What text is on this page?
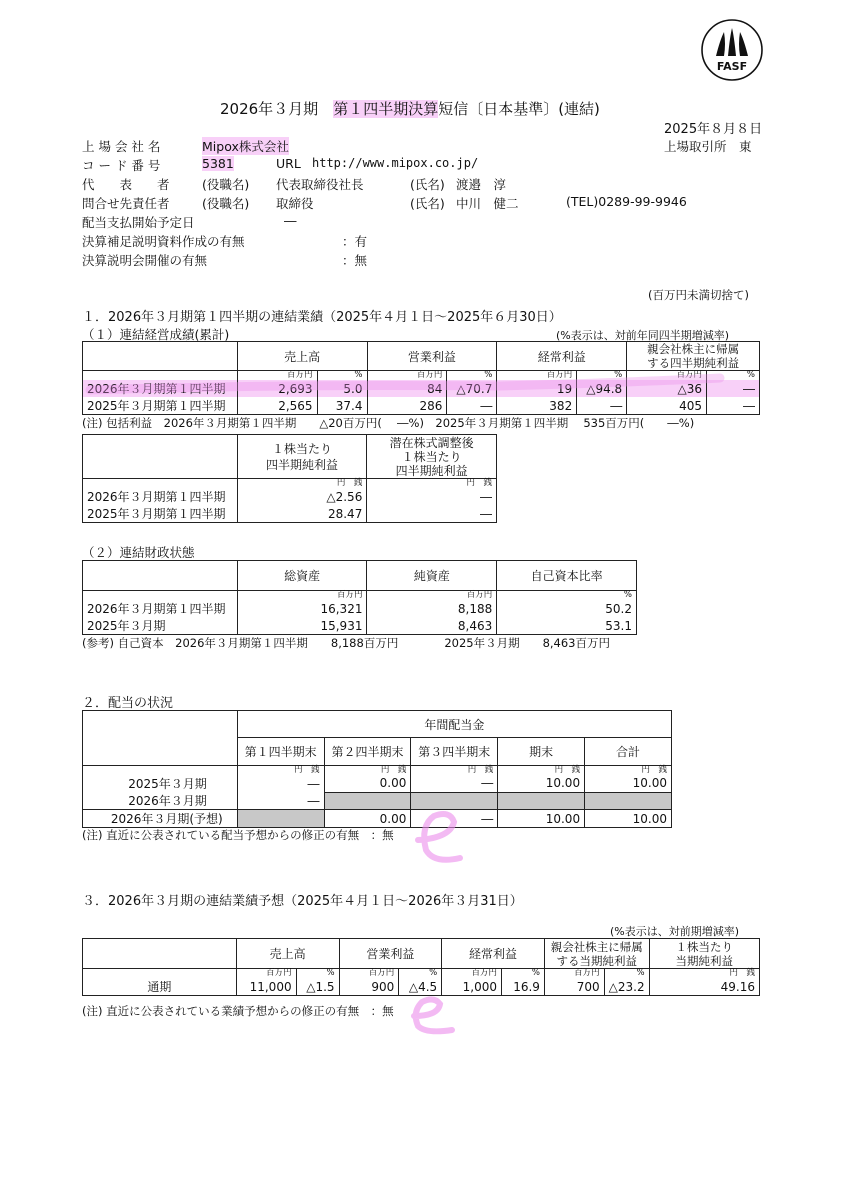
FASF
2026年３月期　第１四半期決算短信〔日本基準〕(連結)
2025年８月８日
上 場 会 社 名	Mipox株式会社	上場取引所　東
コ ー ド 番 号	5381	URL http://www.mipox.co.jp/
代　　表　　者	(役職名) 代表取締役社長	(氏名) 渡邉　淳
問合せ先責任者	(役職名) 取締役	(氏名) 中川　健二	(TEL)0289-99-9946
配当支払開始予定日	―
決算補足説明資料作成の有無	：有
決算説明会開催の有無	：無
(百万円未満切捨て)
１．2026年３月期第１四半期の連結業績（2025年４月１日～2025年６月30日）
（１）連結経営成績(累計)	(%表示は、対前年同四半期増減率)
	売上高		営業利益		経常利益		親会社株主に帰属
する四半期純利益	
	百万円	%	百万円	%	百万円	%	百万円	%
2026年３月期第１四半期	2,693	5.0	84	△70.7	19	△94.8	△36	―
2025年３月期第１四半期	2,565	37.4	286	―	382	―	405	―
(注) 包括利益　2026年３月期第１四半期　　△20百万円(　 ―%)　2025年３月期第１四半期　 535百万円(　　―%)
	１株当たり
四半期純利益	潜在株式調整後
１株当たり
四半期純利益
	円　銭	円　銭
2026年３月期第１四半期	△2.56	―
2025年３月期第１四半期	28.47	―
（２）連結財政状態
	総資産	純資産	自己資本比率
	百万円	百万円	%
2026年３月期第１四半期	16,321	8,188	50.2
2025年３月期	15,931	8,463	53.1
(参考) 自己資本　2026年３月期第１四半期　　8,188百万円　　　　2025年３月期　　8,463百万円
２．配当の状況
	年間配当金				
	第１四半期末	第２四半期末	第３四半期末	期末	合計
	円　銭	円　銭	円　銭	円　銭	円　銭
2025年３月期	―	0.00	―	10.00	10.00
2026年３月期	―				
2026年３月期(予想)		0.00	―	10.00	10.00
(注) 直近に公表されている配当予想からの修正の有無　：無
３．2026年３月期の連結業績予想（2025年４月１日～2026年３月31日）
(%表示は、対前期増減率)
	売上高		営業利益		経常利益		親会社株主に帰属
する当期純利益		１株当たり
当期純利益
	百万円	%	百万円	%	百万円	%	百万円	%	円　銭
通期	11,000	△1.5	900	△4.5	1,000	16.9	700	△23.2	49.16
(注) 直近に公表されている業績予想からの修正の有無　：無
